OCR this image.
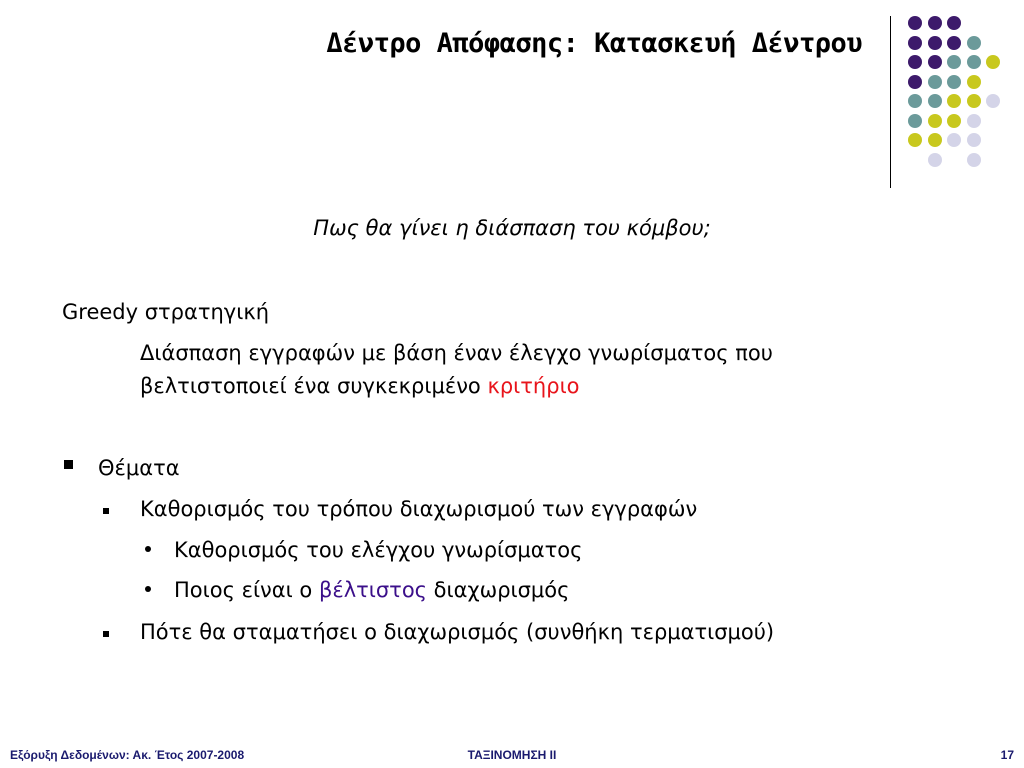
Δέντρο Απόφασης: Κατασκευή Δέντρου
Πως θα γίνει η διάσπαση του κόμβου;
Greedy στρατηγική
Διάσπαση εγγραφών με βάση έναν έλεγχο γνωρίσματος που
βελτιστοποιεί ένα συγκεκριμένο κριτήριο
Θέματα
Καθορισμός του τρόπου διαχωρισμού των εγγραφών
Καθορισμός του ελέγχου γνωρίσματος
Ποιος είναι ο βέλτιστος διαχωρισμός
Πότε θα σταματήσει ο διαχωρισμός (συνθήκη τερματισμού)
Εξόρυξη Δεδομένων: Ακ. Έτος 2007-2008	ΤΑΞΙΝΟΜΗΣΗ ΙΙ	17
